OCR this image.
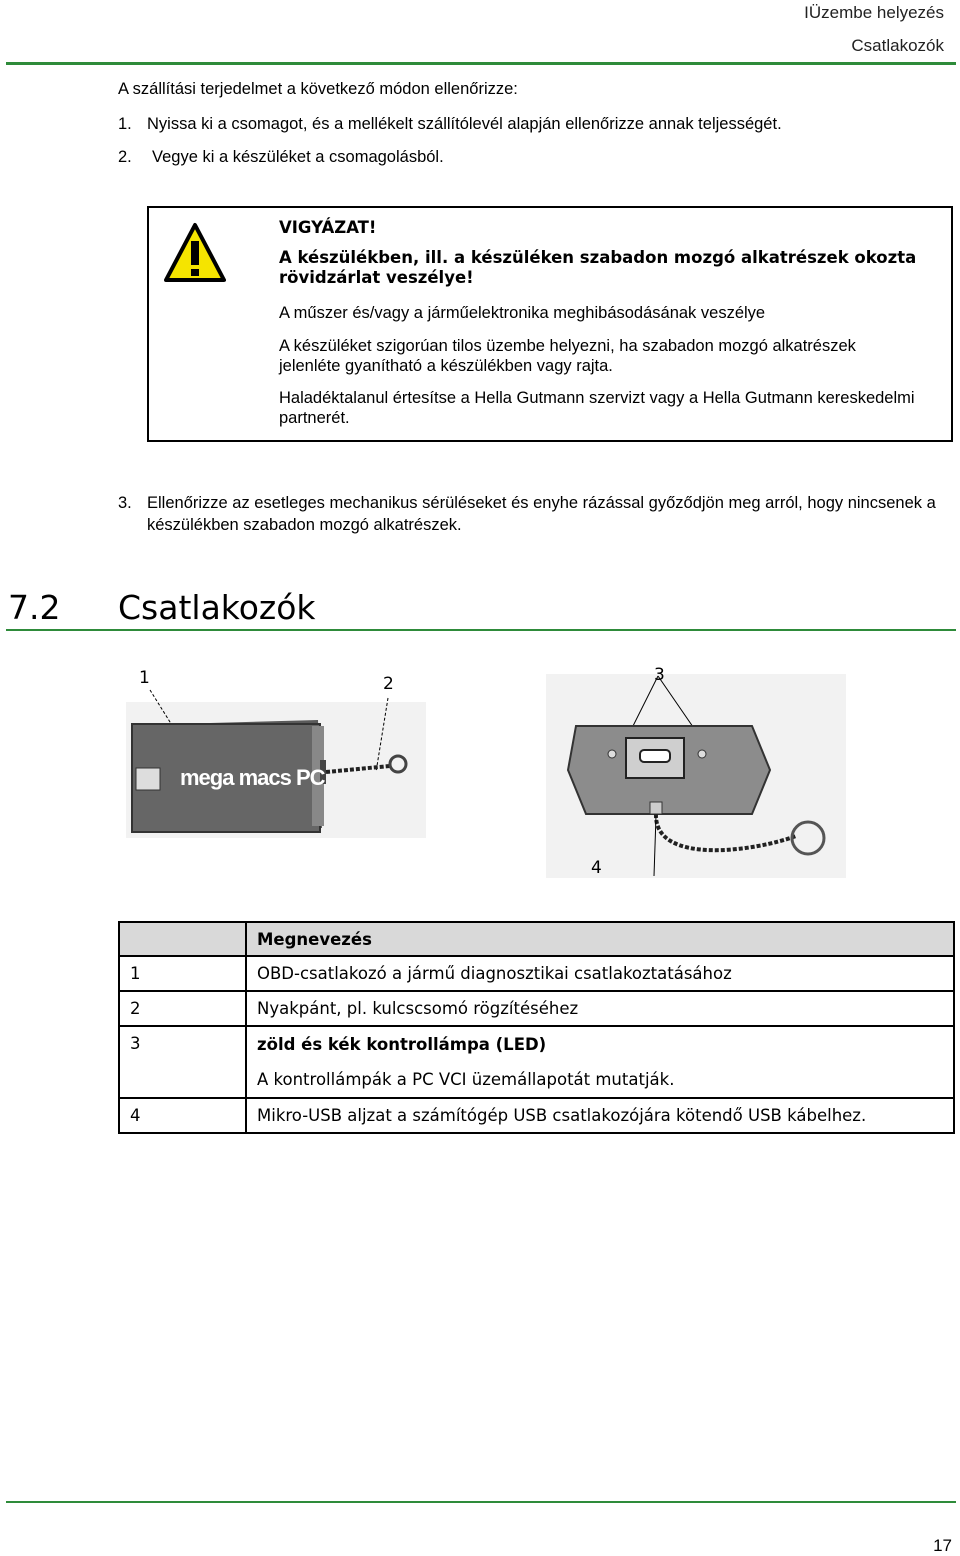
IÜzembe helyezés
Csatlakozók
A szállítási terjedelmet a következő módon ellenőrizze:
1. Nyissa ki a csomagot, és a mellékelt szállítólevél alapján ellenőrizze annak teljességét.
2. Vegye ki a készüléket a csomagolásból.

VIGYÁZAT!

A készülékben, ill. a készüléken szabadon mozgó alkatrészek okozta rövidzárlat veszélye!

A műszer és/vagy a járműelektronika meghibásodásának veszélye

A készüléket szigorúan tilos üzembe helyezni, ha szabadon mozgó alkatrészek jelenléte gyanítható a készülékben vagy rajta.

Haladéktalanul értesítse a Hella Gutmann szervizt vagy a Hella Gutmann kereskedelmi partnerét.

3. Ellenőrizze az esetleges mechanikus sérüléseket és enyhe rázással győződjön meg arról, hogy nincsenek a készülékben szabadon mozgó alkatrészek.
7.2 Csatlakozók
1	2
mega macs PC
3
4
	Megnevezés
1	OBD-csatlakozó a jármű diagnosztikai csatlakoztatásához
2	Nyakpánt, pl. kulcscsomó rögzítéséhez
3	zöld és kék kontrollámpa (LED)
A kontrollámpák a PC VCI üzemállapotát mutatják.

4	Mikro-USB aljzat a számítógép USB csatlakozójára kötendő USB kábelhez.
17
